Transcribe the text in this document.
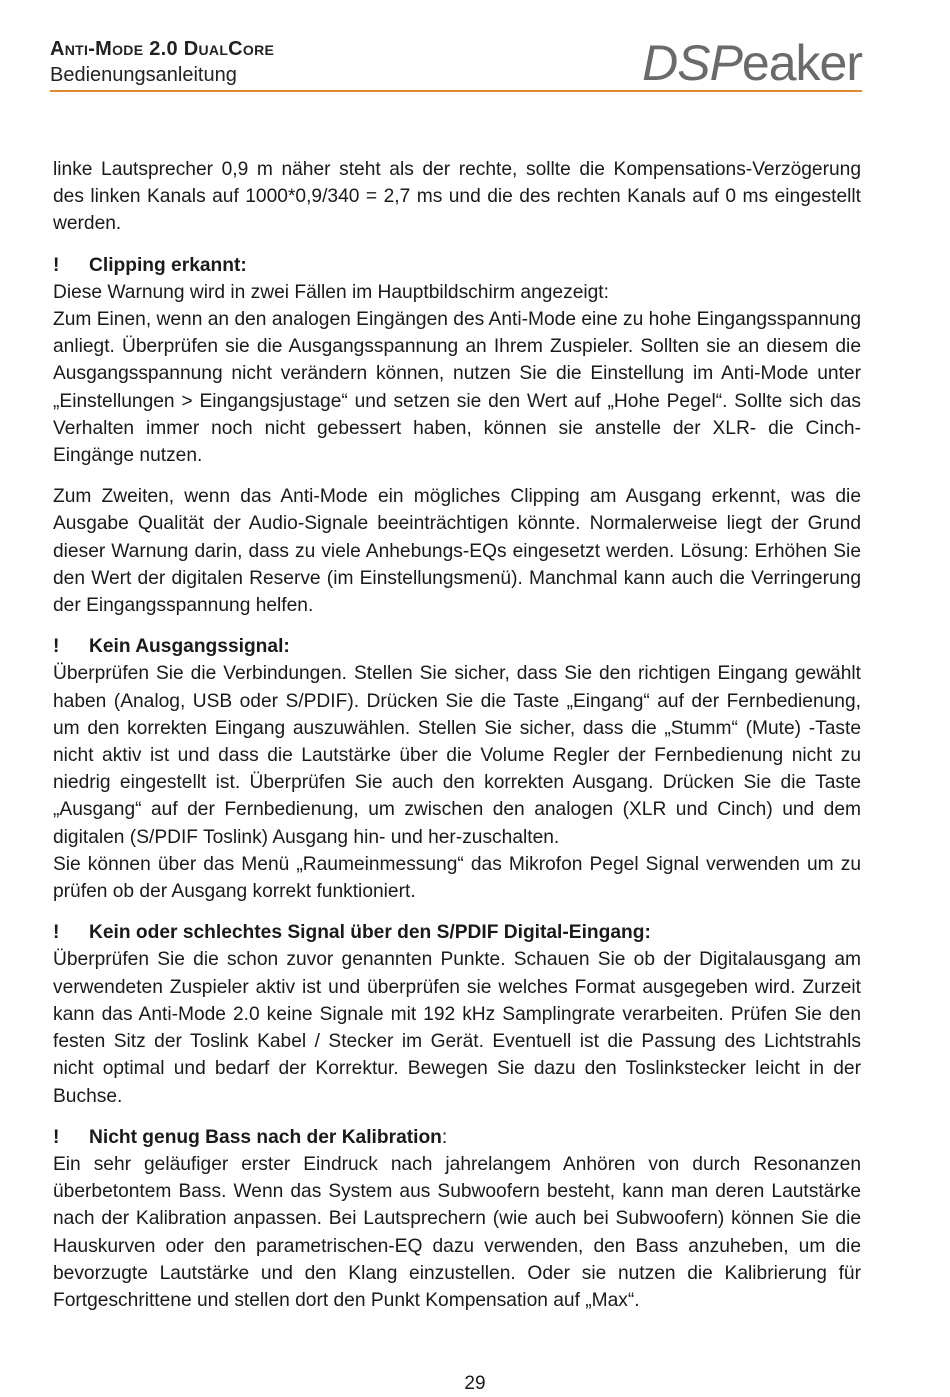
Anti-Mode 2.0 DualCore
Bedienungsanleitung	DSPeaker

linke Lautsprecher 0,9 m näher steht als der rechte, sollte die Kompensations-Verzögerung des linken Kanals auf 1000*0,9/340 = 2,7 ms und die des rechten Kanals auf 0 ms eingestellt werden.

! Clipping erkannt:

Diese Warnung wird in zwei Fällen im Hauptbildschirm angezeigt:

Zum Einen, wenn an den analogen Eingängen des Anti-Mode eine zu hohe Eingangsspannung anliegt. Überprüfen sie die Ausgangsspannung an Ihrem Zuspieler. Sollten sie an diesem die Ausgangsspannung nicht verändern können, nutzen Sie die Einstellung im Anti-Mode unter „Einstellungen > Eingangsjustage“ und setzen sie den Wert auf „Hohe Pegel“. Sollte sich das Verhalten immer noch nicht gebessert haben, können sie anstelle der XLR- die Cinch-Eingänge nutzen.

Zum Zweiten, wenn das Anti-Mode ein mögliches Clipping am Ausgang erkennt, was die Ausgabe Qualität der Audio-Signale beeinträchtigen könnte. Normalerweise liegt der Grund dieser Warnung darin, dass zu viele Anhebungs-EQs eingesetzt werden. Lösung: Erhöhen Sie den Wert der digitalen Reserve (im Einstellungsmenü). Manchmal kann auch die Verringerung der Eingangsspannung helfen.

! Kein Ausgangssignal:

Überprüfen Sie die Verbindungen. Stellen Sie sicher, dass Sie den richtigen Eingang gewählt haben (Analog, USB oder S/PDIF). Drücken Sie die Taste „Eingang“ auf der Fernbedienung, um den korrekten Eingang auszuwählen. Stellen Sie sicher, dass die „Stumm“ (Mute) -Taste nicht aktiv ist und dass die Lautstärke über die Volume Regler der Fernbedienung nicht zu niedrig eingestellt ist. Überprüfen Sie auch den korrekten Ausgang. Drücken Sie die Taste „Ausgang“ auf der Fernbedienung, um zwischen den analogen (XLR und Cinch) und dem digitalen (S/PDIF Toslink) Ausgang hin- und her-zuschalten.

Sie können über das Menü „Raumeinmessung“ das Mikrofon Pegel Signal verwenden um zu prüfen ob der Ausgang korrekt funktioniert.

! Kein oder schlechtes Signal über den S/PDIF Digital-Eingang:

Überprüfen Sie die schon zuvor genannten Punkte. Schauen Sie ob der Digitalausgang am verwendeten Zuspieler aktiv ist und überprüfen sie welches Format ausgegeben wird. Zurzeit kann das Anti-Mode 2.0 keine Signale mit 192 kHz Samplingrate verarbeiten. Prüfen Sie den festen Sitz der Toslink Kabel / Stecker im Gerät. Eventuell ist die Passung des Lichtstrahls nicht optimal und bedarf der Korrektur. Bewegen Sie dazu den Toslinkstecker leicht in der Buchse.

! Nicht genug Bass nach der Kalibration:

Ein sehr geläufiger erster Eindruck nach jahrelangem Anhören von durch Resonanzen überbetontem Bass. Wenn das System aus Subwoofern besteht, kann man deren Lautstärke nach der Kalibration anpassen. Bei Lautsprechern (wie auch bei Subwoofern) können Sie die Hauskurven oder den parametrischen-EQ dazu verwenden, den Bass anzuheben, um die bevorzugte Lautstärke und den Klang einzustellen. Oder sie nutzen die Kalibrierung für Fortgeschrittene und stellen dort den Punkt Kompensation auf „Max“.

29
